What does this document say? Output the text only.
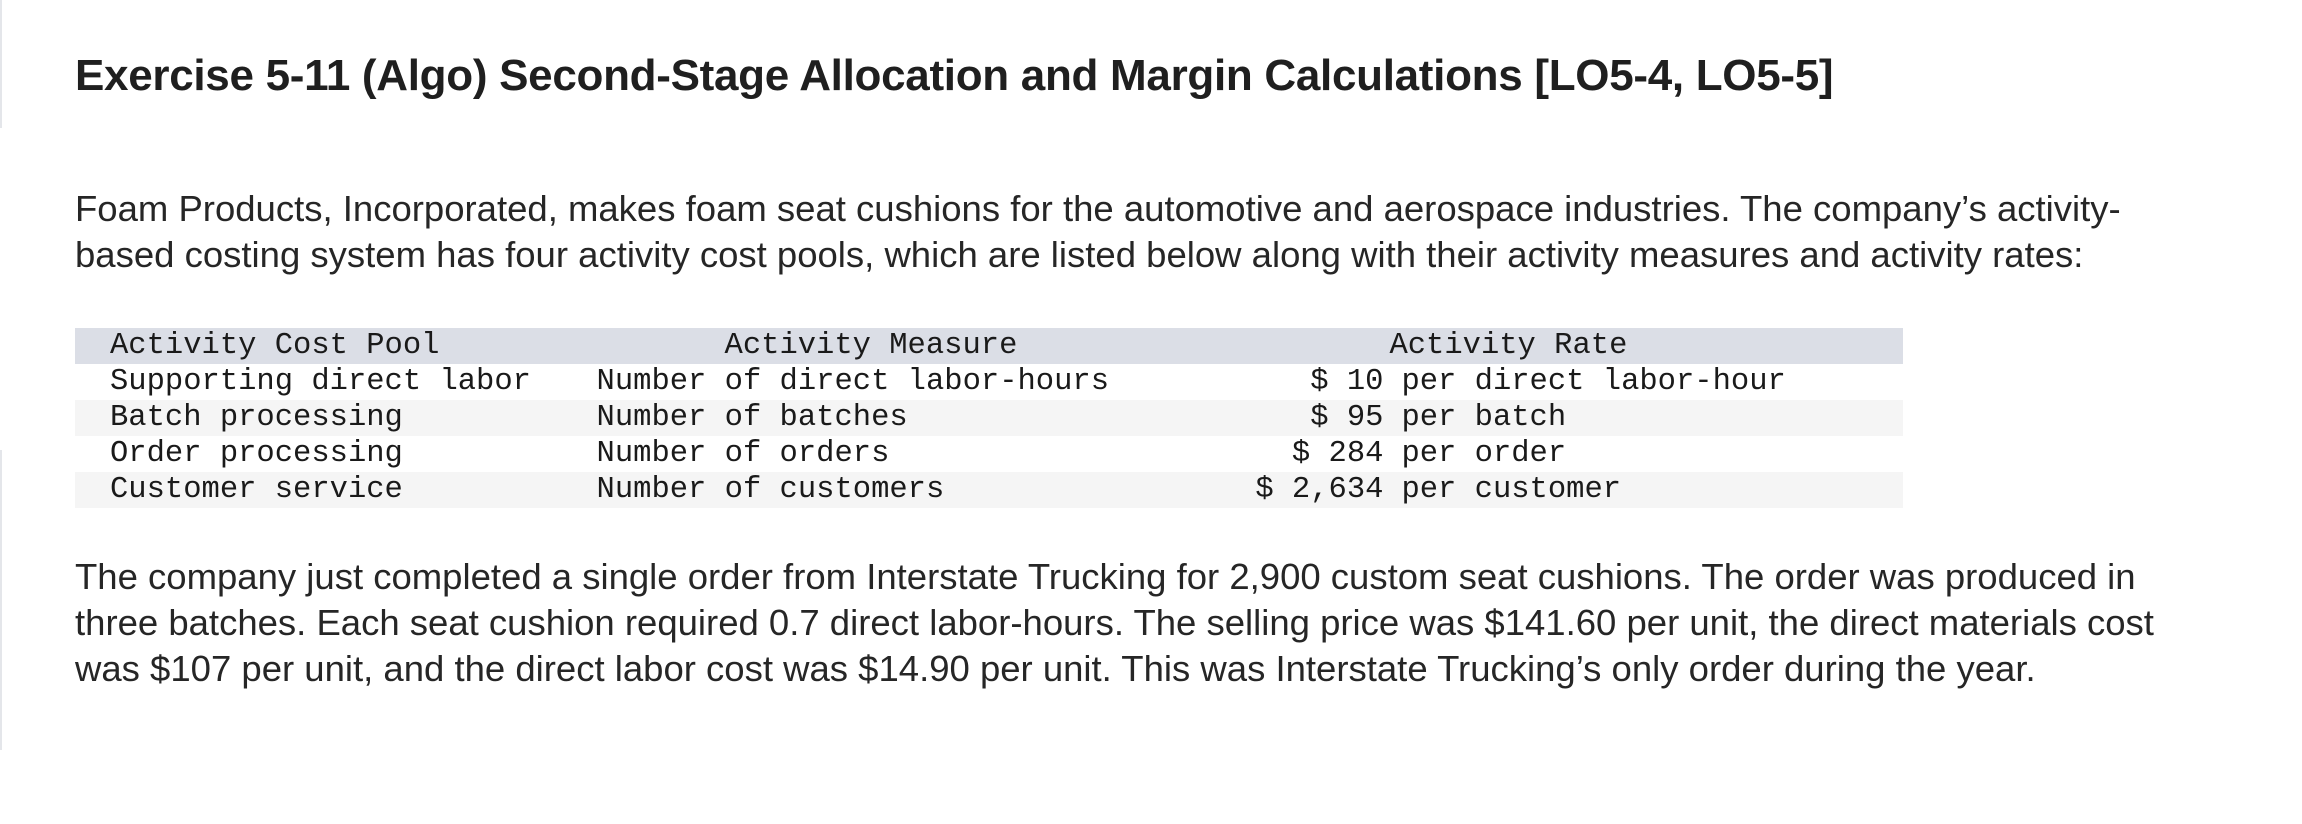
Exercise 5-11 (Algo) Second-Stage Allocation and Margin Calculations [LO5-4, LO5-5]

Foam Products, Incorporated, makes foam seat cushions for the automotive and aerospace industries. The company’s activity-based costing system has four activity cost pools, which are listed below along with their activity measures and activity rates:

Activity Cost Pool	Activity Measure	Activity Rate
Supporting direct labor	Number of direct labor-hours	$ 10 per direct labor-hour
Batch processing	Number of batches	$ 95 per batch
Order processing	Number of orders	$ 284 per order
Customer service	Number of customers	$ 2,634 per customer

The company just completed a single order from Interstate Trucking for 2,900 custom seat cushions. The order was produced in three batches. Each seat cushion required 0.7 direct labor-hours. The selling price was $141.60 per unit, the direct materials cost was $107 per unit, and the direct labor cost was $14.90 per unit. This was Interstate Trucking’s only order during the year.
